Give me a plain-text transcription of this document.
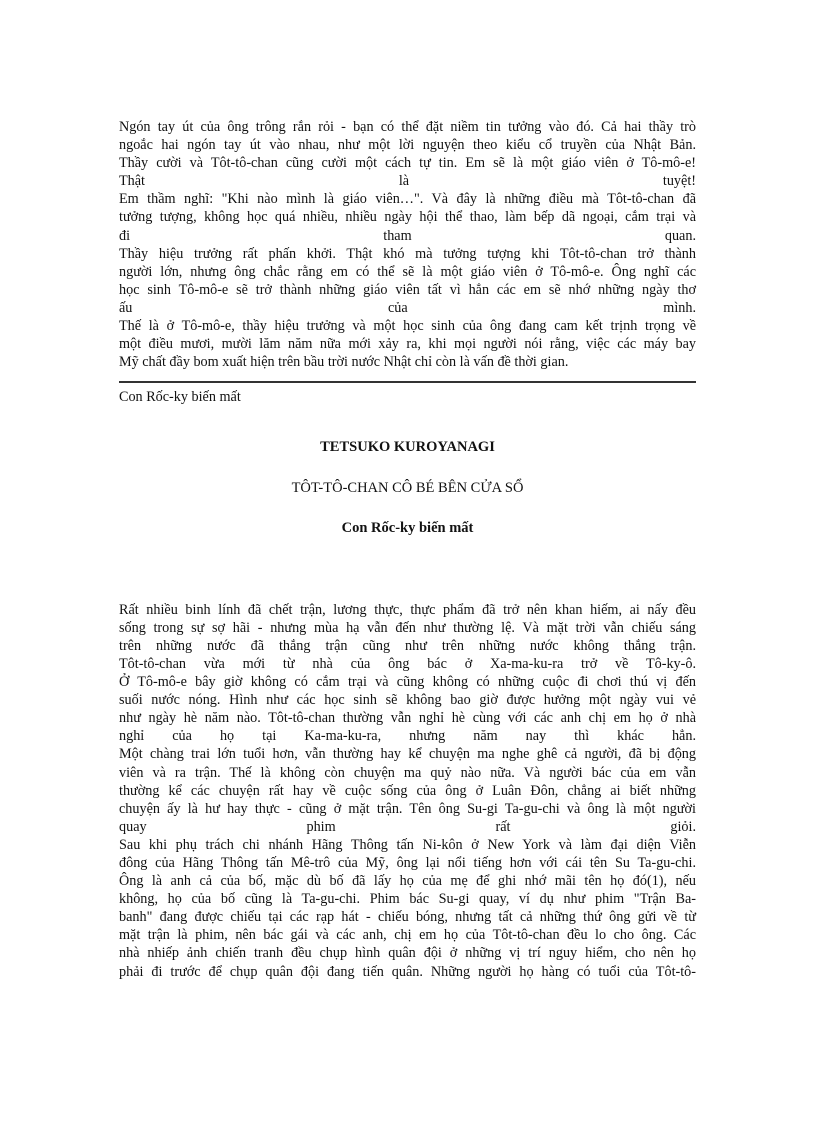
Ngón tay út của ông trông rắn rỏi - bạn có thể đặt niềm tin tưởng vào đó. Cả hai thầy trò
ngoắc hai ngón tay út vào nhau, như một lời nguyện theo kiểu cổ truyền của Nhật Bản.
Thầy cười và Tôt-tô-chan cũng cười một cách tự tin. Em sẽ là một giáo viên ở Tô-mô-e!
Thật là tuyệt!
Em thầm nghĩ: "Khi nào mình là giáo viên…". Và đây là những điều mà Tôt-tô-chan đã
tưởng tượng, không học quá nhiều, nhiều ngày hội thể thao, làm bếp dã ngoại, cắm trại và
đi tham quan.
Thầy hiệu trưởng rất phấn khởi. Thật khó mà tưởng tượng khi Tôt-tô-chan trở thành
người lớn, nhưng ông chắc rằng em có thể sẽ là một giáo viên ở Tô-mô-e. Ông nghĩ các
học sinh Tô-mô-e sẽ trở thành những giáo viên tất vì hẳn các em sẽ nhớ những ngày thơ
ấu của mình.
Thế là ở Tô-mô-e, thầy hiệu trưởng và một học sinh của ông đang cam kết trịnh trọng về
một điều mươi, mười lăm năm nữa mới xảy ra, khi mọi người nói rằng, việc các máy bay
Mỹ chất đầy bom xuất hiện trên bầu trời nước Nhật chỉ còn là vấn đề thời gian.
Con Rốc-ky biến mất
TETSUKO KUROYANAGI
TÔT-TÔ-CHAN CÔ BÉ BÊN CỬA SỔ
Con Rốc-ky biến mất
Rất nhiều binh lính đã chết trận, lương thực, thực phẩm đã trở nên khan hiếm, ai nấy đều
sống trong sự sợ hãi - nhưng mùa hạ vẫn đến như thường lệ. Và mặt trời vẫn chiếu sáng
trên những nước đã thắng trận cũng như trên những nước không thắng trận.
Tôt-tô-chan vừa mới từ nhà của ông bác ở Xa-ma-ku-ra trở về Tô-ky-ô.
Ở Tô-mô-e bây giờ không có cắm trại và cũng không có những cuộc đi chơi thú vị đến
suối nước nóng. Hình như các học sinh sẽ không bao giờ được hưởng một ngày vui vẻ
như ngày hè năm nào. Tôt-tô-chan thường vẫn nghỉ hè cùng với các anh chị em họ ở nhà
nghỉ của họ tại Ka-ma-ku-ra, nhưng năm nay thì khác hẳn.
Một chàng trai lớn tuổi hơn, vẫn thường hay kể chuyện ma nghe ghê cả người, đã bị động
viên và ra trận. Thế là không còn chuyện ma quỷ nào nữa. Và người bác của em vẫn
thường kể các chuyện rất hay về cuộc sống của ông ở Luân Đôn, chẳng ai biết những
chuyện ấy là hư hay thực - cũng ở mặt trận. Tên ông Su-gi Ta-gu-chi và ông là một người
quay phim rất giỏi.
Sau khi phụ trách chi nhánh Hãng Thông tấn Ni-kôn ở New York và làm đại diện Viễn
đông của Hãng Thông tấn Mê-trô của Mỹ, ông lại nổi tiếng hơn với cái tên Su Ta-gu-chi.
Ông là anh cả của bố, mặc dù bố đã lấy họ của mẹ để ghi nhớ mãi tên họ đó(1), nếu
không, họ của bố cũng là Ta-gu-chi. Phim bác Su-gi quay, ví dụ như phim "Trận Ba-
banh" đang được chiếu tại các rạp hát - chiếu bóng, nhưng tất cả những thứ ông gửi về từ
mặt trận là phim, nên bác gái và các anh, chị em họ của Tôt-tô-chan đều lo cho ông. Các
nhà nhiếp ảnh chiến tranh đều chụp hình quân đội ở những vị trí nguy hiểm, cho nên họ
phải đi trước để chụp quân đội đang tiến quân. Những người họ hàng có tuổi của Tôt-tô-
